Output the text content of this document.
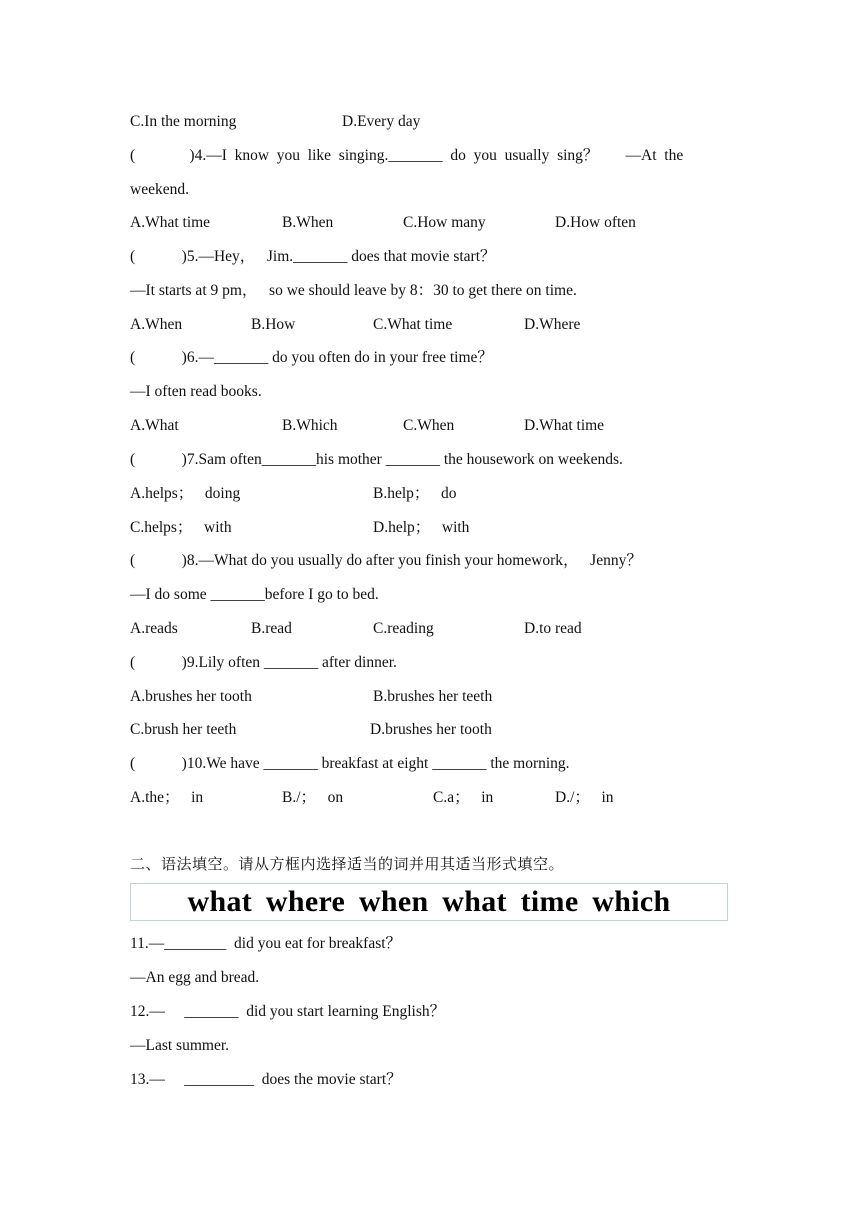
C.In the morning	D.Every day
(              )4.—I  know  you  like  singing._______  do  you  usually  sing？       —At  the
weekend.
A.What time	B.When	C.How many	D.How often
(            )5.—Hey，   Jim._______ does that movie start？
—It starts at 9 pm，   so we should leave by 8：30 to get there on time.
A.When	B.How	C.What time	D.Where
(            )6.—_______ do you often do in your free time？
—I often read books.
A.What	B.Which	C.When	D.What time
(            )7.Sam often_______his mother _______ the housework on weekends.
A.helps；   doing	B.help；   do
C.helps；   with	D.help；   with
(            )8.—What do you usually do after you finish your homework，   Jenny？
—I do some _______before I go to bed.
A.reads	B.read	C.reading	D.to read
(            )9.Lily often _______ after dinner.
A.brushes her tooth	B.brushes her teeth
C.brush her teeth	D.brushes her tooth
(            )10.We have _______ breakfast at eight _______ the morning.
A.the；   in	B./；   on	C.a；   in	D./；   in
二、语法填空。请从方框内选择适当的词并用其适当形式填空。
what where when what time which
11.—________  did you eat for breakfast？
—An egg and bread.
12.—     _______  did you start learning English？
—Last summer.
13.—     _________  does the movie start？
